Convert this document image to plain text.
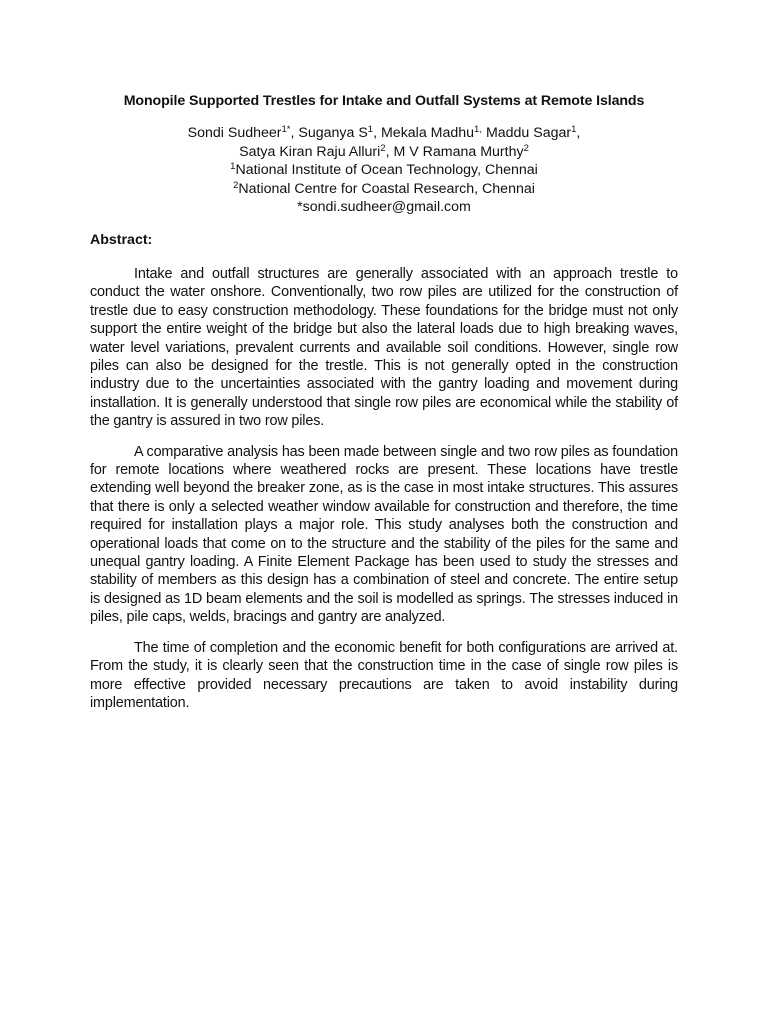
Monopile Supported Trestles for Intake and Outfall Systems at Remote Islands
Sondi Sudheer$^{1*}$, Suganya $S^1$, Mekala Madhu$^{1,}$ Maddu Sagar$^1$,
Satya Kiran Raju Alluri$^2$, M V Ramana Murthy$^2$
$^1$National Institute of Ocean Technology, Chennai
$^2$National Centre for Coastal Research, Chennai
*sondi.sudheer@gmail.com
Abstract:

Intake and outfall structures are generally associated with an approach trestle to conduct the water onshore. Conventionally, two row piles are utilized for the construction of trestle due to easy construction methodology. These foundations for the bridge must not only support the entire weight of the bridge but also the lateral loads due to high breaking waves, water level variations, prevalent currents and available soil conditions. However, single row piles can also be designed for the trestle. This is not generally opted in the construction industry due to the uncertainties associated with the gantry loading and movement during installation. It is generally understood that single row piles are economical while the stability of the gantry is assured in two row piles.

A comparative analysis has been made between single and two row piles as foundation for remote locations where weathered rocks are present. These locations have trestle extending well beyond the breaker zone, as is the case in most intake structures. This assures that there is only a selected weather window available for construction and therefore, the time required for installation plays a major role. This study analyses both the construction and operational loads that come on to the structure and the stability of the piles for the same and unequal gantry loading. A Finite Element Package has been used to study the stresses and stability of members as this design has a combination of steel and concrete. The entire setup is designed as 1D beam elements and the soil is modelled as springs. The stresses induced in piles, pile caps, welds, bracings and gantry are analyzed.

The time of completion and the economic benefit for both configurations are arrived at. From the study, it is clearly seen that the construction time in the case of single row piles is more effective provided necessary precautions are taken to avoid instability during implementation.
